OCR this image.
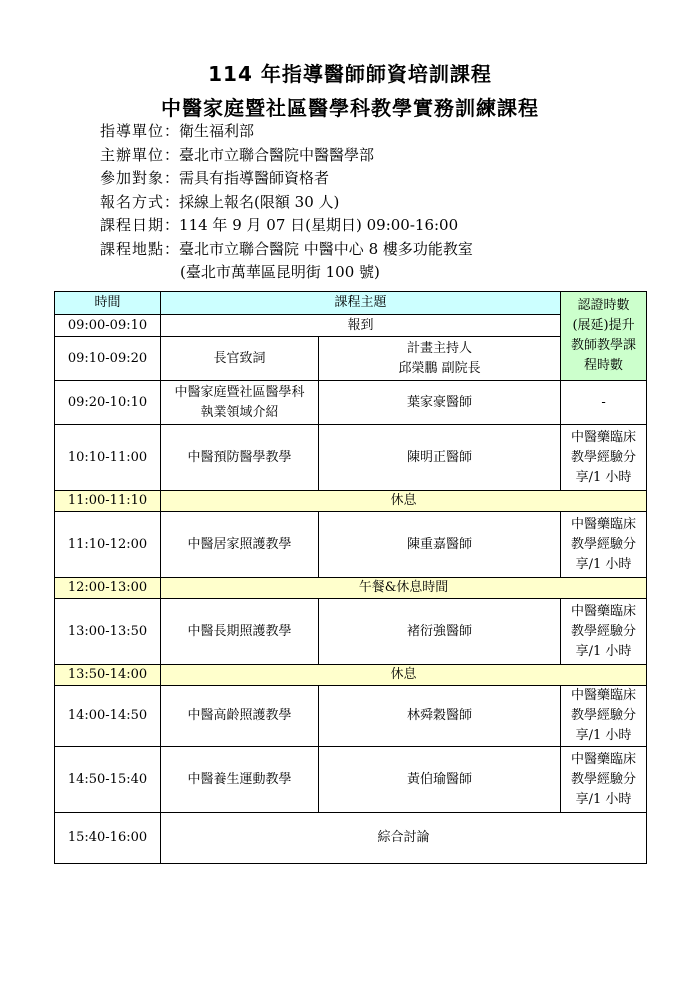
114 年指導醫師師資培訓課程
中醫家庭暨社區醫學科教學實務訓練課程
指導單位：衛生福利部
主辦單位：臺北市立聯合醫院中醫醫學部
參加對象：需具有指導醫師資格者
報名方式：採線上報名(限額 30 人)
課程日期：114 年 9 月 07 日(星期日) 09:00-16:00
課程地點：臺北市立聯合醫院 中醫中心 8 樓多功能教室
(臺北市萬華區昆明街 100 號)
時間	課程主題		認證時數
(展延)提升
教師教學課
程時數

09:00-09:10	報到		
09:10-09:20	長官致詞	計畫主持人
邱榮鵬 副院長	

09:20-10:10	中醫家庭暨社區醫學科
執業領域介紹	葉家豪醫師	-
10:10-11:00	中醫預防醫學教學	陳明正醫師	中醫藥臨床
教學經驗分
享/1 小時

11:00-11:10	休息		
11:10-12:00	中醫居家照護教學	陳重嘉醫師	中醫藥臨床
教學經驗分
享/1 小時

12:00-13:00	午餐&休息時間		
13:00-13:50	中醫長期照護教學	褚衍強醫師	中醫藥臨床
教學經驗分
享/1 小時

13:50-14:00	休息		
14:00-14:50	中醫高齡照護教學	林舜穀醫師	中醫藥臨床
教學經驗分
享/1 小時

14:50-15:40	中醫養生運動教學	黃伯瑜醫師	中醫藥臨床
教學經驗分
享/1 小時

15:40-16:00	綜合討論		
